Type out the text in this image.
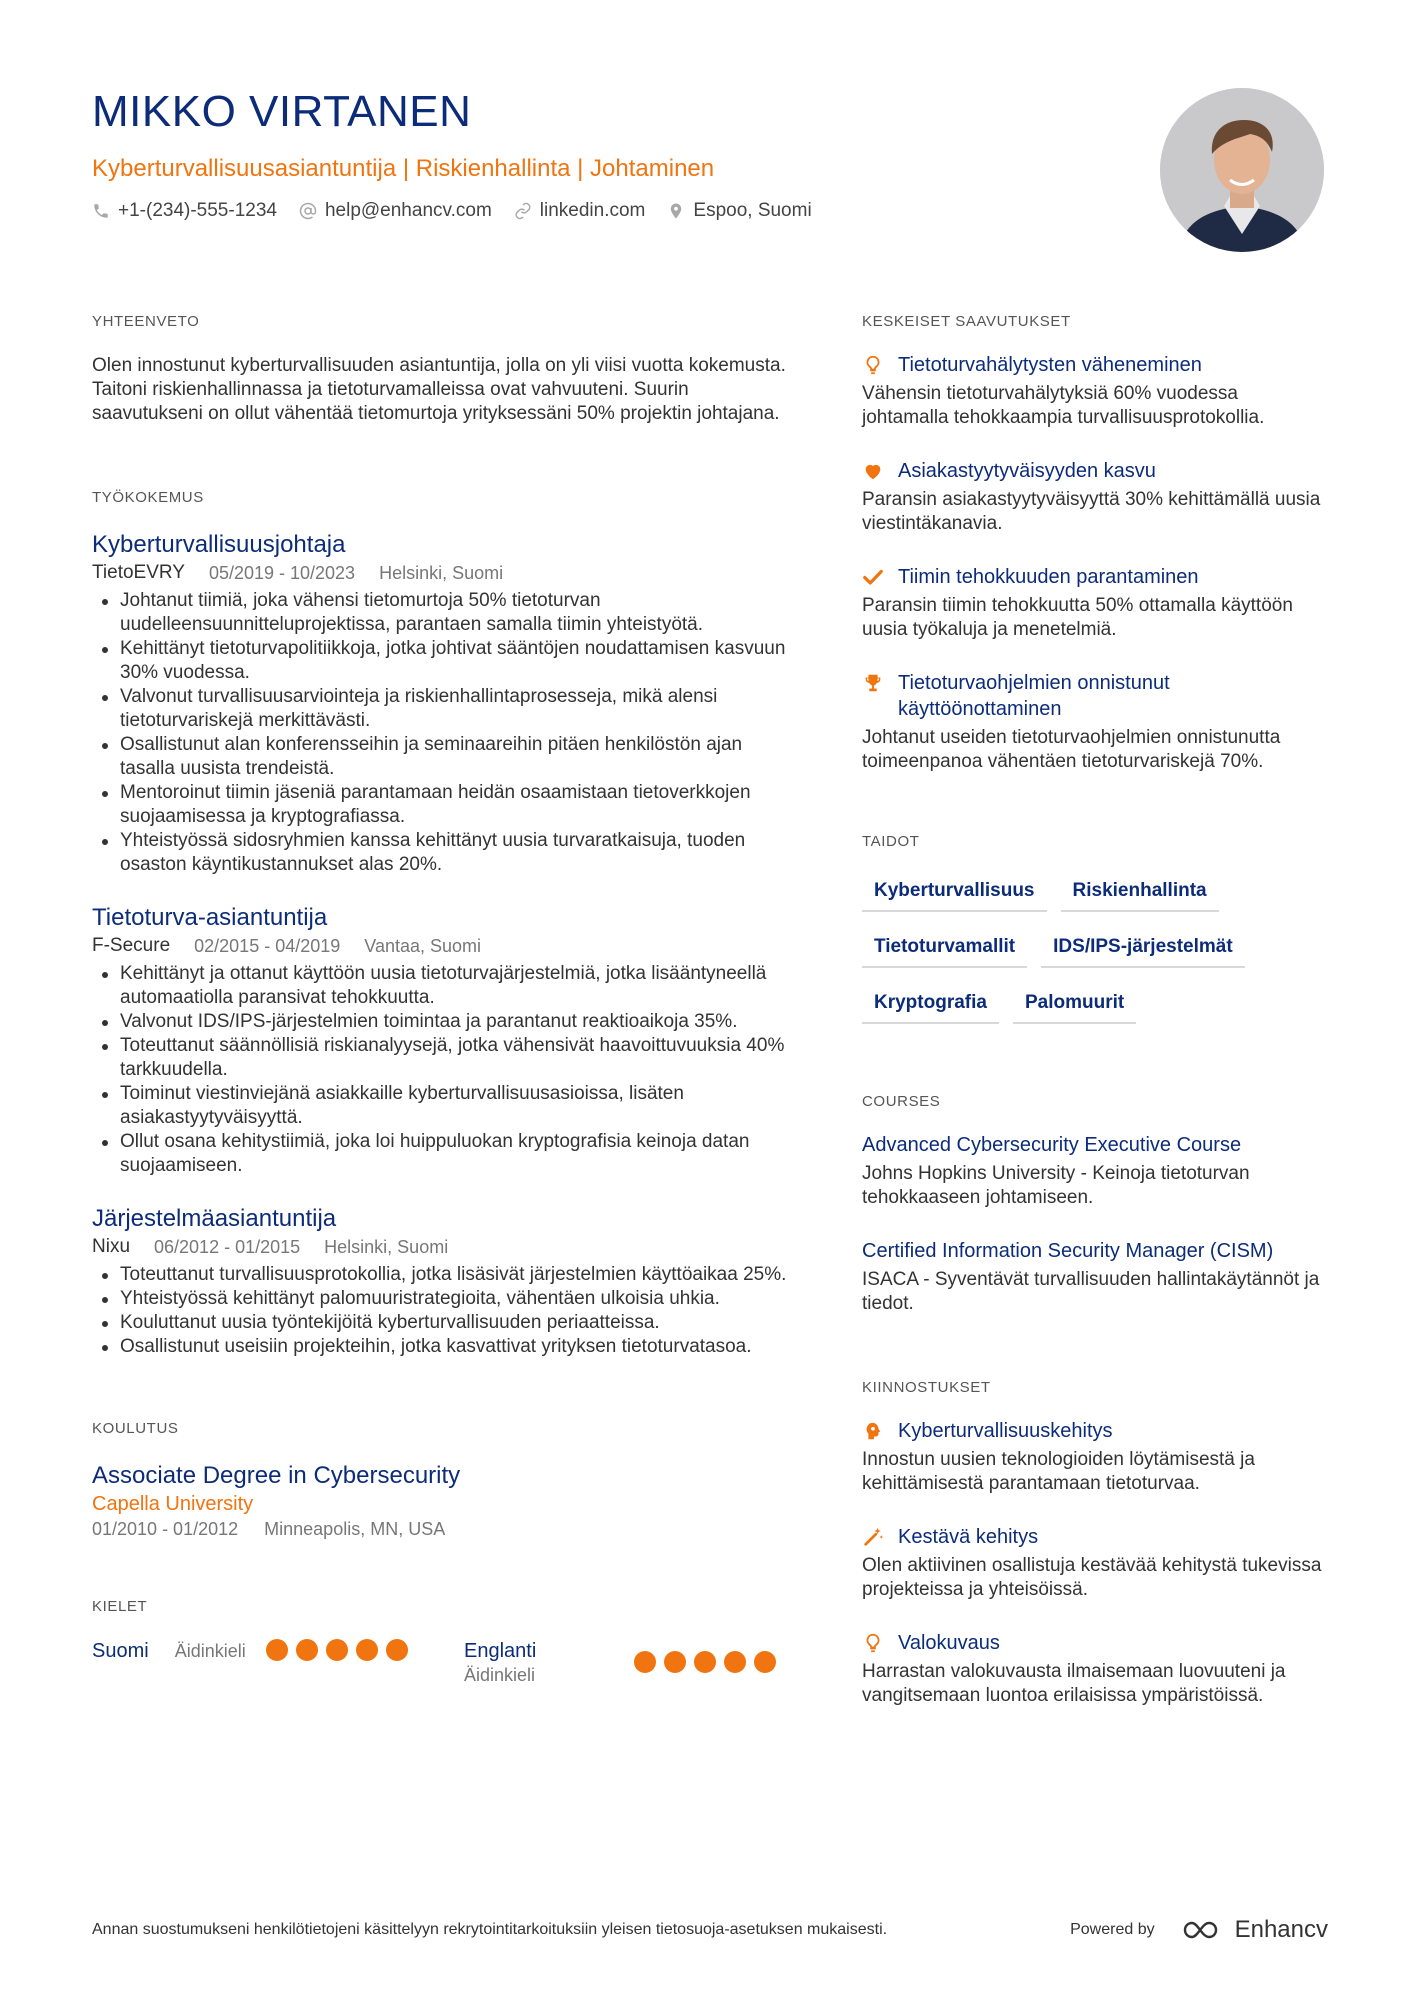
MIKKO VIRTANEN
Kyberturvallisuusasiantuntija | Riskienhallinta | Johtaminen
+1-(234)-555-1234	help@enhancv.com	linkedin.com	Espoo, Suomi
YHTEENVETO

Olen innostunut kyberturvallisuuden asiantuntija, jolla on yli viisi vuotta kokemusta. Taitoni riskienhallinnassa ja tietoturvamalleissa ovat vahvuuteni. Suurin saavutukseni on ollut vähentää tietomurtoja yrityksessäni 50% projektin johtajana.

TYÖKOKEMUS
Kyberturvallisuusjohtaja
TietoEVRY 05/2019 - 10/2023 Helsinki, Suomi
Johtanut tiimiä, joka vähensi tietomurtoja 50% tietoturvan uudelleensuunnitteluprojektissa, parantaen samalla tiimin yhteistyötä.
Kehittänyt tietoturvapolitiikkoja, jotka johtivat sääntöjen noudattamisen kasvuun 30% vuodessa.
Valvonut turvallisuusarviointeja ja riskienhallintaprosesseja, mikä alensi tietoturvariskejä merkittävästi.
Osallistunut alan konferensseihin ja seminaareihin pitäen henkilöstön ajan tasalla uusista trendeistä.
Mentoroinut tiimin jäseniä parantamaan heidän osaamistaan tietoverkkojen suojaamisessa ja kryptografiassa.
Yhteistyössä sidosryhmien kanssa kehittänyt uusia turvaratkaisuja, tuoden osaston käyntikustannukset alas 20%.
Tietoturva-asiantuntija
F-Secure 02/2015 - 04/2019 Vantaa, Suomi
Kehittänyt ja ottanut käyttöön uusia tietoturvajärjestelmiä, jotka lisääntyneellä automaatiolla paransivat tehokkuutta.
Valvonut IDS/IPS-järjestelmien toimintaa ja parantanut reaktioaikoja 35%.
Toteuttanut säännöllisiä riskianalyysejä, jotka vähensivät haavoittuvuuksia 40% tarkkuudella.
Toiminut viestinviejänä asiakkaille kyberturvallisuusasioissa, lisäten asiakastyytyväisyyttä.
Ollut osana kehitystiimiä, joka loi huippuluokan kryptografisia keinoja datan suojaamiseen.
Järjestelmäasiantuntija
Nixu 06/2012 - 01/2015 Helsinki, Suomi
Toteuttanut turvallisuusprotokollia, jotka lisäsivät järjestelmien käyttöaikaa 25%.
Yhteistyössä kehittänyt palomuuristrategioita, vähentäen ulkoisia uhkia.
Kouluttanut uusia työntekijöitä kyberturvallisuuden periaatteissa.
Osallistunut useisiin projekteihin, jotka kasvattivat yrityksen tietoturvatasoa.
KOULUTUS
Associate Degree in Cybersecurity
Capella University
01/2010 - 01/2012 Minneapolis, MN, USA
KIELET
Suomi Äidinkieli	Englanti
Äidinkieli
KESKEISET SAAVUTUKSET
Tietoturvahälytysten väheneminen
Vähensin tietoturvahälytyksiä 60% vuodessa johtamalla tehokkaampia turvallisuusprotokollia.
Asiakastyytyväisyyden kasvu
Paransin asiakastyytyväisyyttä 30% kehittämällä uusia viestintäkanavia.
Tiimin tehokkuuden parantaminen
Paransin tiimin tehokkuutta 50% ottamalla käyttöön uusia työkaluja ja menetelmiä.
Tietoturvaohjelmien onnistunut käyttöönottaminen
Johtanut useiden tietoturvaohjelmien onnistunutta toimeenpanoa vähentäen tietoturvariskejä 70%.
TAIDOT
Kyberturvallisuus	Riskienhallinta
Tietoturvamallit	IDS/IPS-järjestelmät
Kryptografia	Palomuurit
COURSES
Advanced Cybersecurity Executive Course
Johns Hopkins University - Keinoja tietoturvan tehokkaaseen johtamiseen.
Certified Information Security Manager (CISM)
ISACA - Syventävät turvallisuuden hallintakäytännöt ja tiedot.
KIINNOSTUKSET
Kyberturvallisuuskehitys
Innostun uusien teknologioiden löytämisestä ja kehittämisestä parantamaan tietoturvaa.
Kestävä kehitys
Olen aktiivinen osallistuja kestävää kehitystä tukevissa projekteissa ja yhteisöissä.
Valokuvaus
Harrastan valokuvausta ilmaisemaan luovuuteni ja vangitsemaan luontoa erilaisissa ympäristöissä.
Annan suostumukseni henkilötietojeni käsittelyyn rekrytointitarkoituksiin yleisen tietosuoja-asetuksen mukaisesti.	Powered by	Enhancv
